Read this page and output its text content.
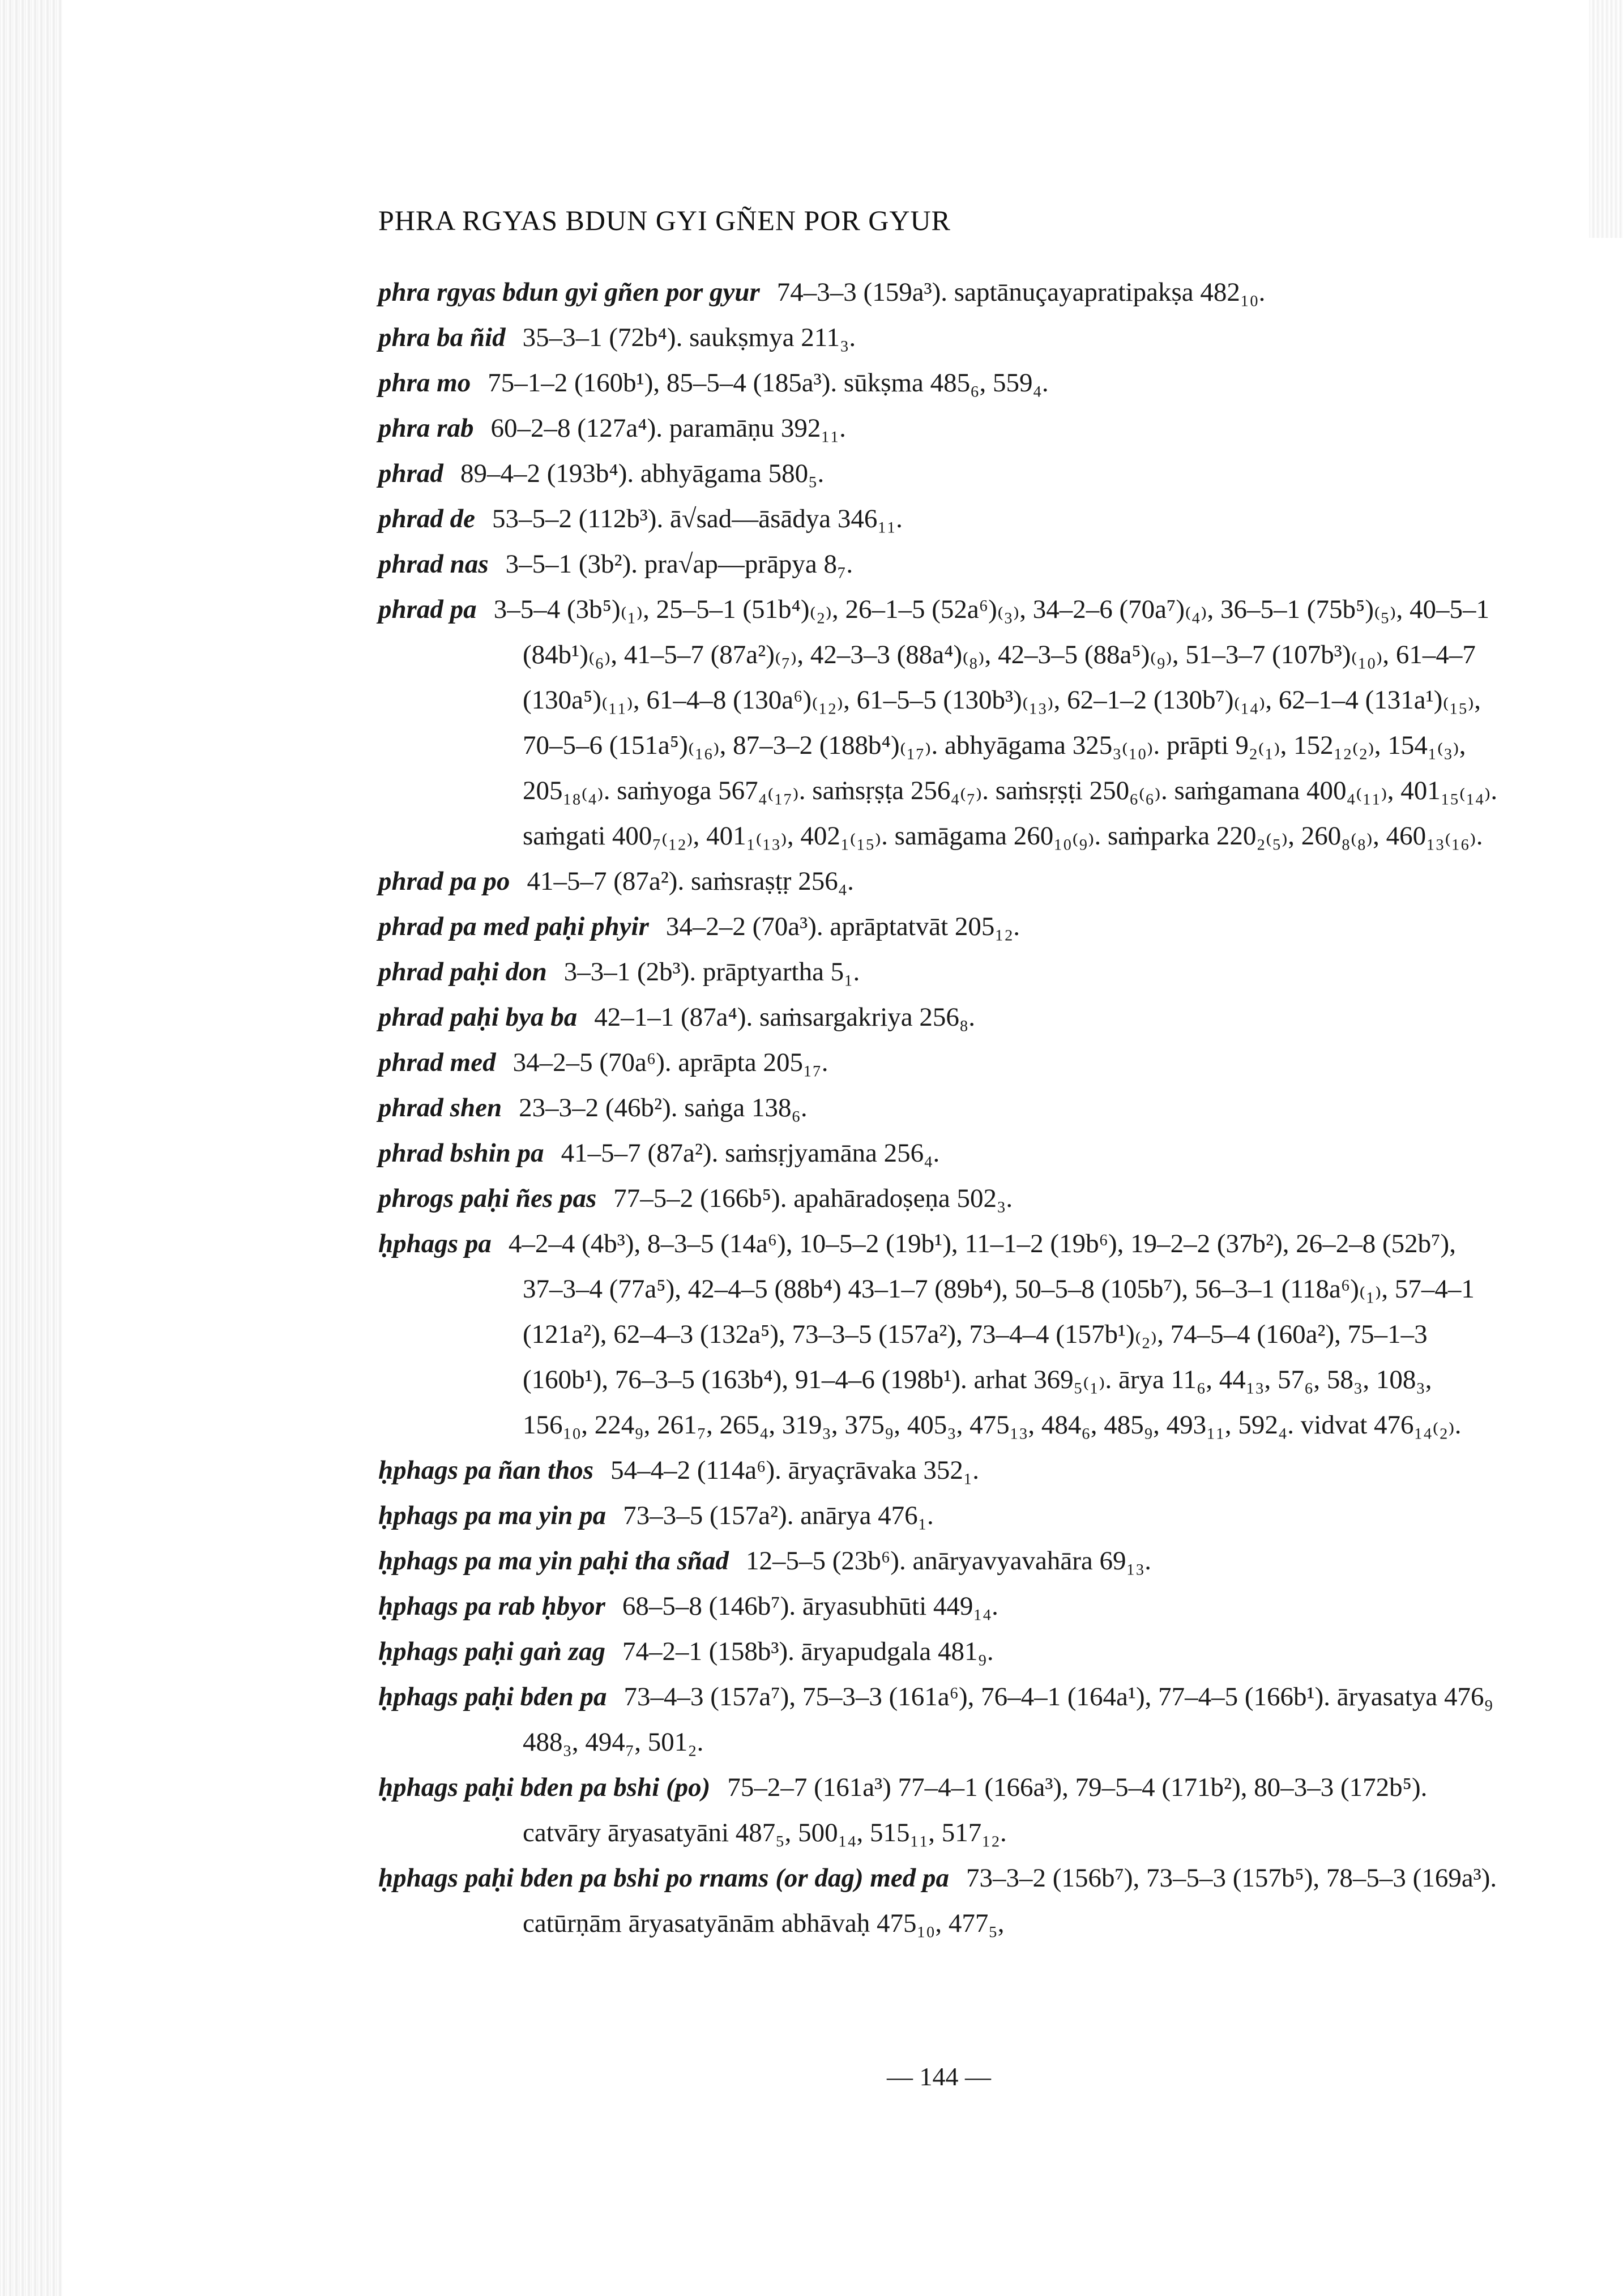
PHRA RGYAS BDUN GYI GÑEN POR GYUR

phra rgyas bdun gyi gñen por gyur 74–3–3 (159a³). saptānuçayapratipakṣa 482₁₀.

phra ba ñid 35–3–1 (72b⁴). saukṣmya 211₃.

phra mo 75–1–2 (160b¹), 85–5–4 (185a³). sūkṣma 485₆, 559₄.

phra rab 60–2–8 (127a⁴). paramāṇu 392₁₁.

phrad 89–4–2 (193b⁴). abhyāgama 580₅.

phrad de 53–5–2 (112b³). ā√sad—āsādya 346₁₁.

phrad nas 3–5–1 (3b²). pra√ap—prāpya 8₇.

phrad pa 3–5–4 (3b⁵)₍₁₎, 25–5–1 (51b⁴)₍₂₎, 26–1–5 (52a⁶)₍₃₎, 34–2–6 (70a⁷)₍₄₎, 36–5–1 (75b⁵)₍₅₎, 40–5–1 (84b¹)₍₆₎, 41–5–7 (87a²)₍₇₎, 42–3–3 (88a⁴)₍₈₎, 42–3–5 (88a⁵)₍₉₎, 51–3–7 (107b³)₍₁₀₎, 61–4–7 (130a⁵)₍₁₁₎, 61–4–8 (130a⁶)₍₁₂₎, 61–5–5 (130b³)₍₁₃₎, 62–1–2 (130b⁷)₍₁₄₎, 62–1–4 (131a¹)₍₁₅₎, 70–5–6 (151a⁵)₍₁₆₎, 87–3–2 (188b⁴)₍₁₇₎. abhyāgama 325₃₍₁₀₎. prāpti 9₂₍₁₎, 152₁₂₍₂₎, 154₁₍₃₎, 205₁₈₍₄₎. saṁyoga 567₄₍₁₇₎. saṁsṛṣṭa 256₄₍₇₎. saṁsṛṣṭi 250₆₍₆₎. saṁgamana 400₄₍₁₁₎, 401₁₅₍₁₄₎. saṁgati 400₇₍₁₂₎, 401₁₍₁₃₎, 402₁₍₁₅₎. samāgama 260₁₀₍₉₎. saṁparka 220₂₍₅₎, 260₈₍₈₎, 460₁₃₍₁₆₎.

phrad pa po 41–5–7 (87a²). saṁsraṣṭṛ 256₄.

phrad pa med paḥi phyir 34–2–2 (70a³). aprāptatvāt 205₁₂.

phrad paḥi don 3–3–1 (2b³). prāptyartha 5₁.

phrad paḥi bya ba 42–1–1 (87a⁴). saṁsargakriya 256₈.

phrad med 34–2–5 (70a⁶). aprāpta 205₁₇.

phrad shen 23–3–2 (46b²). saṅga 138₆.

phrad bshin pa 41–5–7 (87a²). saṁsṛjyamāna 256₄.

phrogs paḥi ñes pas 77–5–2 (166b⁵). apahāradoṣeṇa 502₃.

ḥphags pa 4–2–4 (4b³), 8–3–5 (14a⁶), 10–5–2 (19b¹), 11–1–2 (19b⁶), 19–2–2 (37b²), 26–2–8 (52b⁷), 37–3–4 (77a⁵), 42–4–5 (88b⁴) 43–1–7 (89b⁴), 50–5–8 (105b⁷), 56–3–1 (118a⁶)₍₁₎, 57–4–1 (121a²), 62–4–3 (132a⁵), 73–3–5 (157a²), 73–4–4 (157b¹)₍₂₎, 74–5–4 (160a²), 75–1–3 (160b¹), 76–3–5 (163b⁴), 91–4–6 (198b¹). arhat 369₅₍₁₎. ārya 11₆, 44₁₃, 57₆, 58₃, 108₃, 156₁₀, 224₉, 261₇, 265₄, 319₃, 375₉, 405₃, 475₁₃, 484₆, 485₉, 493₁₁, 592₄. vidvat 476₁₄₍₂₎.

ḥphags pa ñan thos 54–4–2 (114a⁶). āryaçrāvaka 352₁.

ḥphags pa ma yin pa 73–3–5 (157a²). anārya 476₁.

ḥphags pa ma yin paḥi tha sñad 12–5–5 (23b⁶). anāryavyavahāra 69₁₃.

ḥphags pa rab ḥbyor 68–5–8 (146b⁷). āryasubhūti 449₁₄.

ḥphags paḥi gaṅ zag 74–2–1 (158b³). āryapudgala 481₉.

ḥphags paḥi bden pa 73–4–3 (157a⁷), 75–3–3 (161a⁶), 76–4–1 (164a¹), 77–4–5 (166b¹). āryasatya 476₉ 488₃, 494₇, 501₂.

ḥphags paḥi bden pa bshi (po) 75–2–7 (161a³) 77–4–1 (166a³), 79–5–4 (171b²), 80–3–3 (172b⁵). catvāry āryasatyāni 487₅, 500₁₄, 515₁₁, 517₁₂.

ḥphags paḥi bden pa bshi po rnams (or dag) med pa 73–3–2 (156b⁷), 73–5–3 (157b⁵), 78–5–3 (169a³). catūrṇām āryasatyānām abhāvaḥ 475₁₀, 477₅,

— 144 —
